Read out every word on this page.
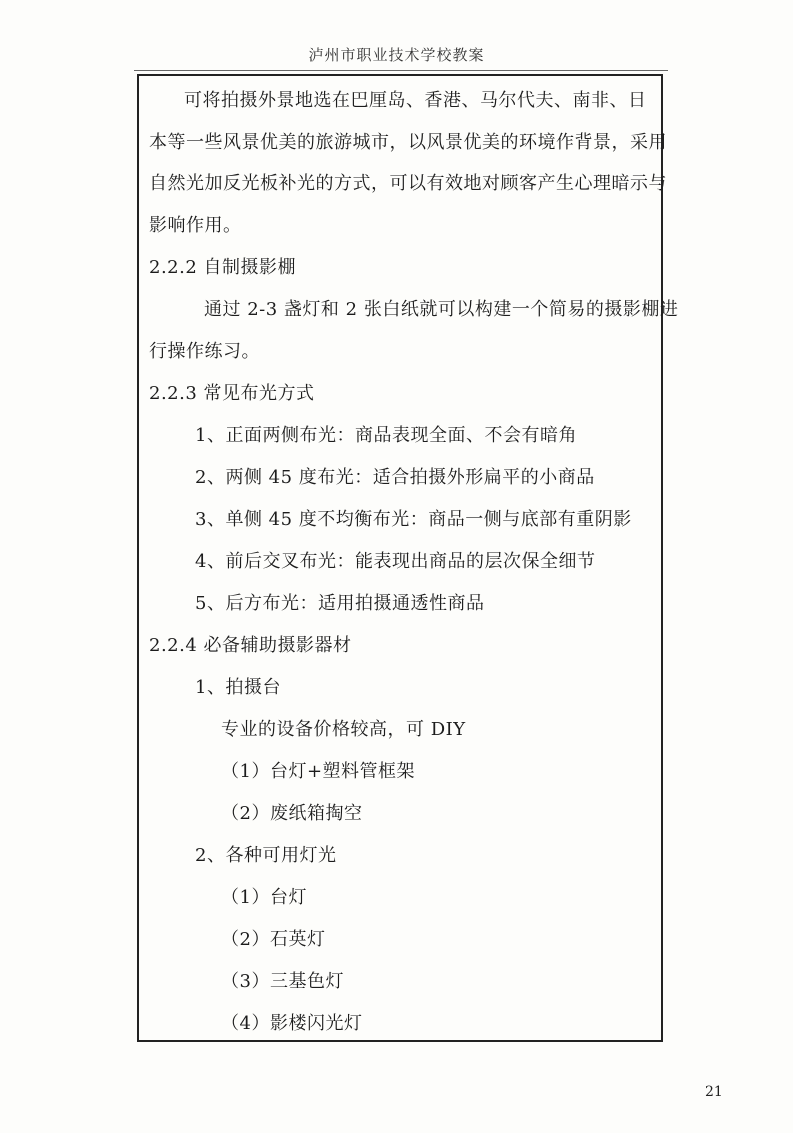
泸州市职业技术学校教案
可将拍摄外景地选在巴厘岛、香港、马尔代夫、南非、日
本等一些风景优美的旅游城市，以风景优美的环境作背景，采用
自然光加反光板补光的方式，可以有效地对顾客产生心理暗示与
影响作用。
2.2.2 自制摄影棚
通过 2-3 盏灯和 2 张白纸就可以构建一个简易的摄影棚进
行操作练习。
2.2.3 常见布光方式
1、正面两侧布光：商品表现全面、不会有暗角
2、两侧 45 度布光：适合拍摄外形扁平的小商品
3、单侧 45 度不均衡布光：商品一侧与底部有重阴影
4、前后交叉布光：能表现出商品的层次保全细节
5、后方布光：适用拍摄通透性商品
2.2.4 必备辅助摄影器材
1、拍摄台
专业的设备价格较高，可 DIY
（1）台灯+塑料管框架
（2）废纸箱掏空
2、各种可用灯光
（1）台灯
（2）石英灯
（3）三基色灯
（4）影楼闪光灯
21
